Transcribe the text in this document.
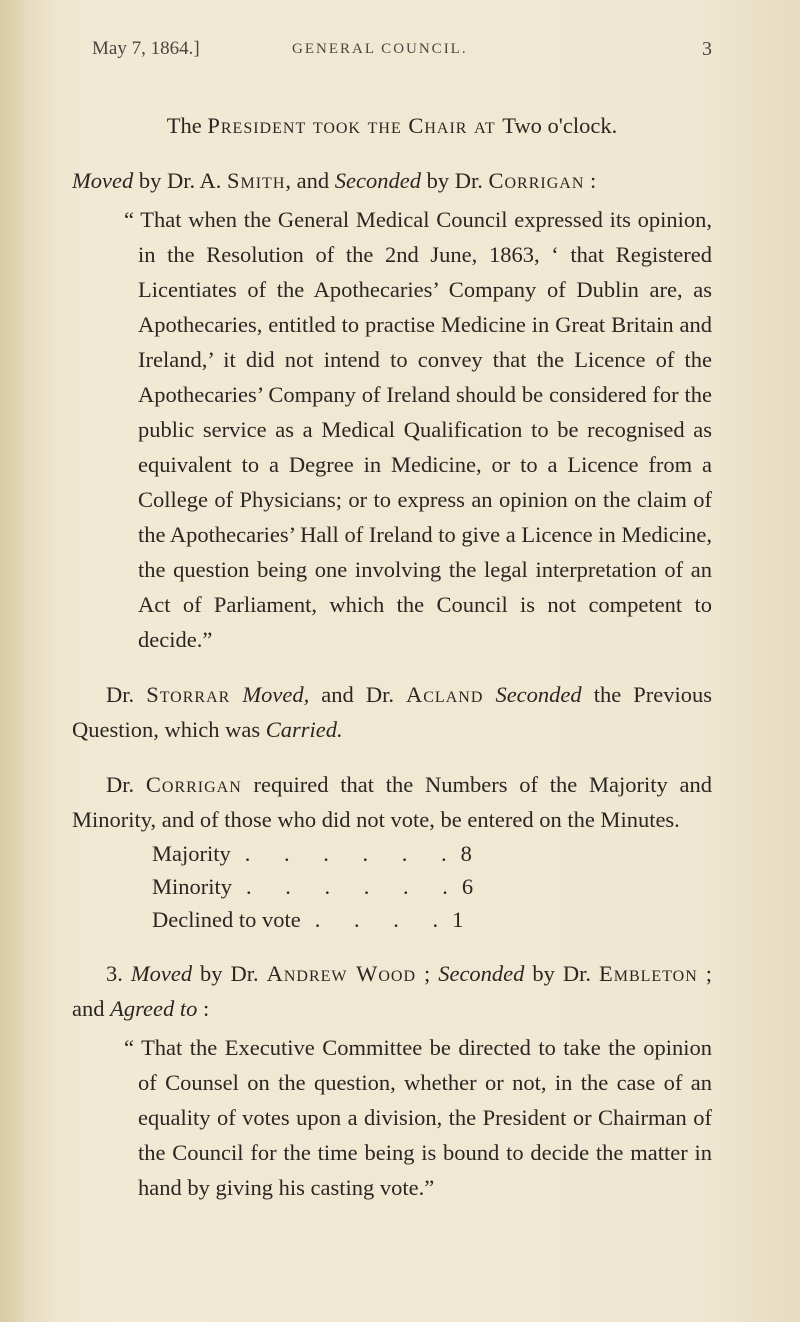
May 7, 1864.]	GENERAL COUNCIL.	3

The President took the Chair at Two o'clock.

Moved by Dr. A. Smith, and Seconded by Dr. Corrigan :

“ That when the General Medical Council expressed its opinion, in the Resolution of the 2nd June, 1863, ‘ that Registered Licentiates of the Apothecaries’ Company of Dublin are, as Apothecaries, entitled to practise Medicine in Great Britain and Ireland,’ it did not intend to convey that the Licence of the Apothecaries’ Company of Ireland should be considered for the public service as a Medical Qualification to be recognised as equivalent to a Degree in Medicine, or to a Licence from a College of Physicians; or to express an opinion on the claim of the Apothecaries’ Hall of Ireland to give a Licence in Medicine, the question being one involving the legal interpretation of an Act of Parliament, which the Council is not competent to decide.”

Dr. Storrar Moved, and Dr. Acland Seconded the Previous Question, which was Carried.

Dr. Corrigan required that the Numbers of the Majority and Minority, and of those who did not vote, be entered on the Minutes.

Majority . . . . . . 8
Minority . . . . . . 6
Declined to vote . . . . 1

3. Moved by Dr. Andrew Wood ; Seconded by Dr. Embleton ; and Agreed to :

“ That the Executive Committee be directed to take the opinion of Counsel on the question, whether or not, in the case of an equality of votes upon a division, the President or Chairman of the Council for the time being is bound to decide the matter in hand by giving his casting vote.”
